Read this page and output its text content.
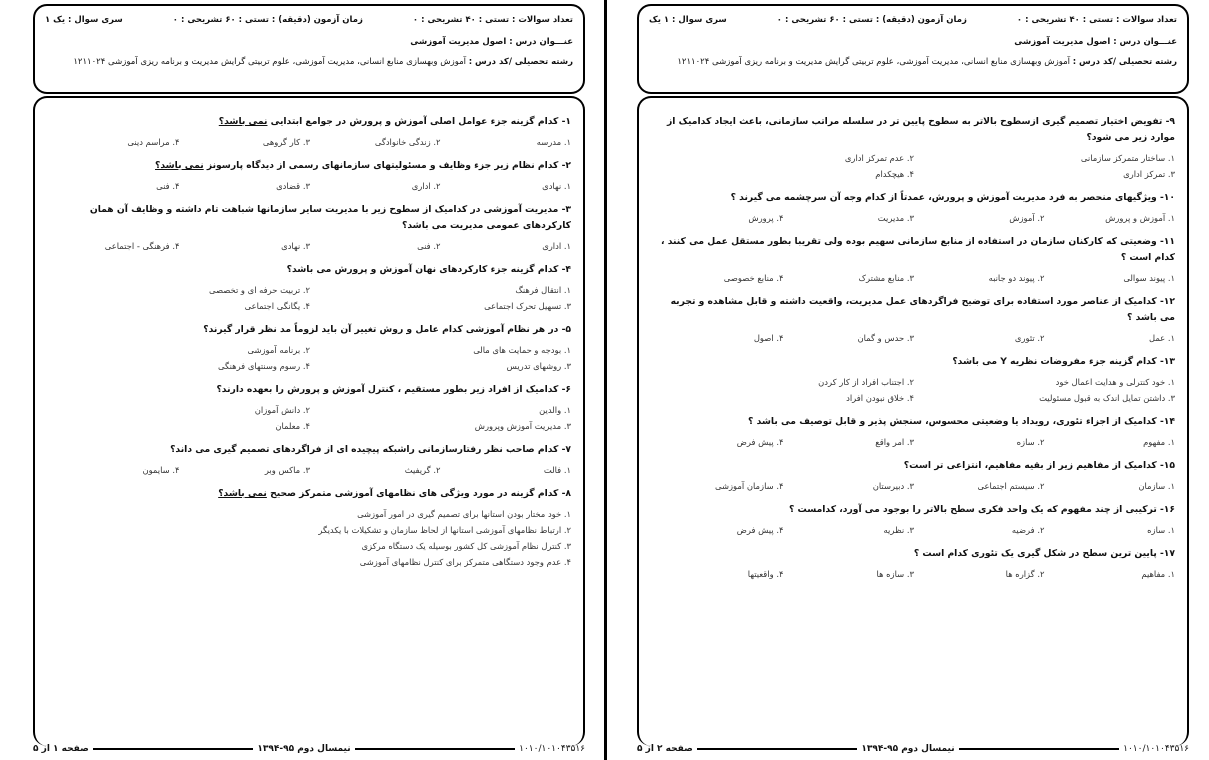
تعداد سوالات : تستی : ۴۰ تشریحی : ۰
زمان آزمون (دقیقه) : تستی : ۶۰ تشریحی : ۰
سری سوال : یک ۱
عنـــوان درس : اصول مدیریت آموزشی
رشته تحصیلی /کد درس : آموزش وبهسازی منابع انسانی، مدیریت آموزشی، علوم تربیتی گرایش مدیریت و برنامه ریزی آموزشی ۱۲۱۱۰۲۴
۱- کدام گزینه جزء عوامل اصلی آموزش و پرورش در جوامع ابتدایی نمی باشد؟
۱. مدرسه
۲. زندگی خانوادگی
۳. کار گروهی
۴. مراسم دینی
۲- کدام نظام زیر جزء وظایف و مسئولیتهای سازمانهای رسمی از دیدگاه پارسونز نمی باشد؟
۱. نهادی
۲. اداری
۳. قضادی
۴. فنی
۳- مدیریت آموزشی در کدامیک از سطوح زیر با مدیریت سایر سازمانها شباهت تام داشته و وظایف آن همان کارکردهای عمومی مدیریت می باشد؟
۱. اداری
۲. فنی
۳. نهادی
۴. فرهنگی - اجتماعی
۴- کدام گزینه جزء کارکردهای نهان آموزش و پرورش می باشد؟
۱. انتقال فرهنگ
۲. تربیت حرفه ای و تخصصی
۳. تسهیل تحرک اجتماعی
۴. یگانگی اجتماعی
۵- در هر نظام آموزشی کدام عامل و روش تغییر آن باید لزوماً مد نظر قرار گیرند؟
۱. بودجه و حمایت های مالی
۲. برنامه آموزشی
۳. روشهای تدریس
۴. رسوم وسنتهای فرهنگی
۶- کدامیک از افراد زیر بطور مستقیم ، کنترل آموزش و پرورش را بعهده دارند؟
۱. والدین
۲. دانش آموزان
۳. مدیریت آموزش وپرورش
۴. معلمان
۷- کدام صاحب نظر رفتارسازمانی راشبکه پیچیده ای از فراگردهای تصمیم گیری می داند؟
۱. فالت
۲. گریفیث
۳. ماکس وبر
۴. سایمون
۸- کدام گزینه در مورد ویژگی های نظامهای آموزشی متمرکز صحیح نمی باشد؟
۱. خود مختار بودن استانها برای تصمیم گیری در امور آموزشی
۲. ارتباط نظامهای آموزشی استانها از لحاظ سازمان و تشکیلات با یکدیگر
۳. کنترل نظام آموزشی کل کشور بوسیله یک دستگاه مرکزی
۴. عدم وجود دستگاهی متمرکز برای کنترل نظامهای آموزشی
۱۰۱۰/۱۰۱۰۴۳۵۱۶
نیمسال دوم ۹۵-۱۳۹۴
صفحه ۱ از ۵
تعداد سوالات : تستی : ۴۰ تشریحی : ۰
زمان آزمون (دقیقه) : تستی : ۶۰ تشریحی : ۰
سری سوال : ۱ یک
عنـــوان درس : اصول مدیریت آموزشی
رشته تحصیلی /کد درس : آموزش وبهسازی منابع انسانی، مدیریت آموزشی، علوم تربیتی گرایش مدیریت و برنامه ریزی آموزشی ۱۲۱۱۰۲۴
۹- تفویض اختیار تصمیم گیری ازسطوح بالاتر به سطوح پایین تر در سلسله مراتب سازمانی، باعث ایجاد کدامیک از موارد زیر می شود؟
۱. ساختار متمرکز سازمانی
۲. عدم تمرکز اداری
۳. تمرکز اداری
۴. هیچکدام
۱۰- ویژگیهای منحصر به فرد مدیریت آموزش و پرورش، عمدتاً از کدام وجه آن سرچشمه می گیرند ؟
۱. آموزش و پرورش
۲. آموزش
۳. مدیریت
۴. پرورش
۱۱- وضعیتی که کارکنان سازمان در استفاده از منابع سازمانی سهیم بوده ولی تقریبا بطور مستقل عمل می کنند ، کدام است ؟
۱. پیوند سوالی
۲. پیوند دو جانبه
۳. منابع مشترک
۴. منابع خصوصی
۱۲- کدامیک از عناصر مورد استفاده برای توضیح فراگردهای عمل مدیریت، واقعیت داشته و قابل مشاهده و تجربه می باشد ؟
۱. عمل
۲. تئوری
۳. حدس و گمان
۴. اصول
۱۳- کدام گزینه جزء مفروضات نظریه Y می باشد؟
۱. خود کنترلی و هدایت اعمال خود
۲. اجتناب افراد از کار کردن
۳. داشتن تمایل اندک به قبول مسئولیت
۴. خلاق نبودن افراد
۱۴- کدامیک از اجزاء تئوری، رویداد یا وضعیتی محسوس، سنجش پذیر و قابل توصیف می باشد ؟
۱. مفهوم
۲. سازه
۳. امر واقع
۴. پیش فرض
۱۵- کدامیک از مفاهیم زیر از بقیه مفاهیم، انتزاعی تر است؟
۱. سازمان
۲. سیستم اجتماعی
۳. دبیرستان
۴. سازمان آموزشی
۱۶- ترکیبی از چند مفهوم که یک واحد فکری سطح بالاتر را بوجود می آورد، کدامست ؟
۱. سازه
۲. فرضیه
۳. نظریه
۴. پیش فرض
۱۷- پایین ترین سطح در شکل گیری یک تئوری کدام است ؟
۱. مفاهیم
۲. گزاره ها
۳. سازه ها
۴. واقعیتها
۱۰۱۰/۱۰۱۰۴۳۵۱۶
نیمسال دوم ۹۵-۱۳۹۴
صفحه ۲ از ۵
